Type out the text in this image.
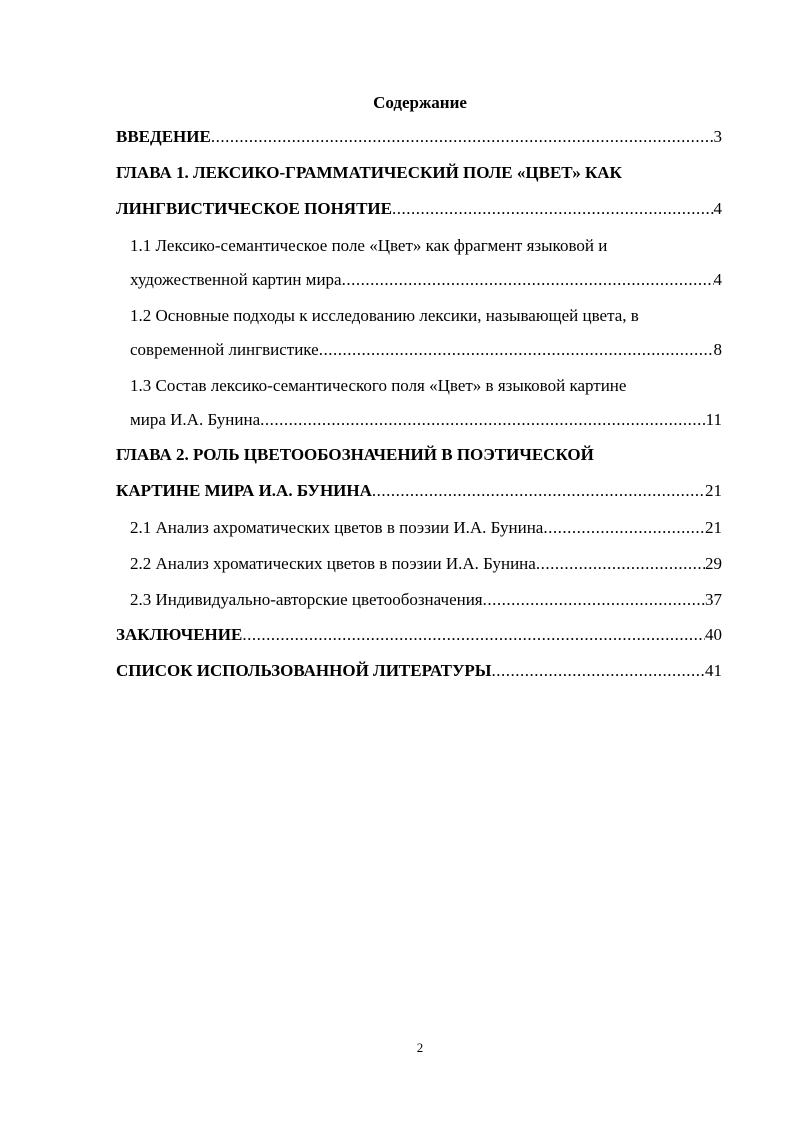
Содержание
ВВЕДЕНИЕ .....	3
ГЛАВА 1. ЛЕКСИКО-ГРАММАТИЧЕСКИЙ ПОЛЕ «ЦВЕТ» КАК
ЛИНГВИСТИЧЕСКОЕ ПОНЯТИЕ .....	4
1.1 Лексико-семантическое поле «Цвет» как фрагмент языковой и
художественной картин мира .....	4
1.2 Основные подходы к исследованию лексики, называющей цвета, в
современной лингвистике .....	8
1.3 Состав лексико-семантического поля «Цвет» в языковой картине
мира И.А. Бунина .....	11
ГЛАВА 2. РОЛЬ ЦВЕТООБОЗНАЧЕНИЙ В ПОЭТИЧЕСКОЙ
КАРТИНЕ МИРА И.А. БУНИНА .....	21
2.1 Анализ ахроматических цветов в поэзии И.А. Бунина .....	21
2.2 Анализ хроматических цветов в поэзии И.А. Бунина .....	29
2.3 Индивидуально-авторские цветообозначения .....	37
ЗАКЛЮЧЕНИЕ .....	40
СПИСОК ИСПОЛЬЗОВАННОЙ ЛИТЕРАТУРЫ .....	41
2
